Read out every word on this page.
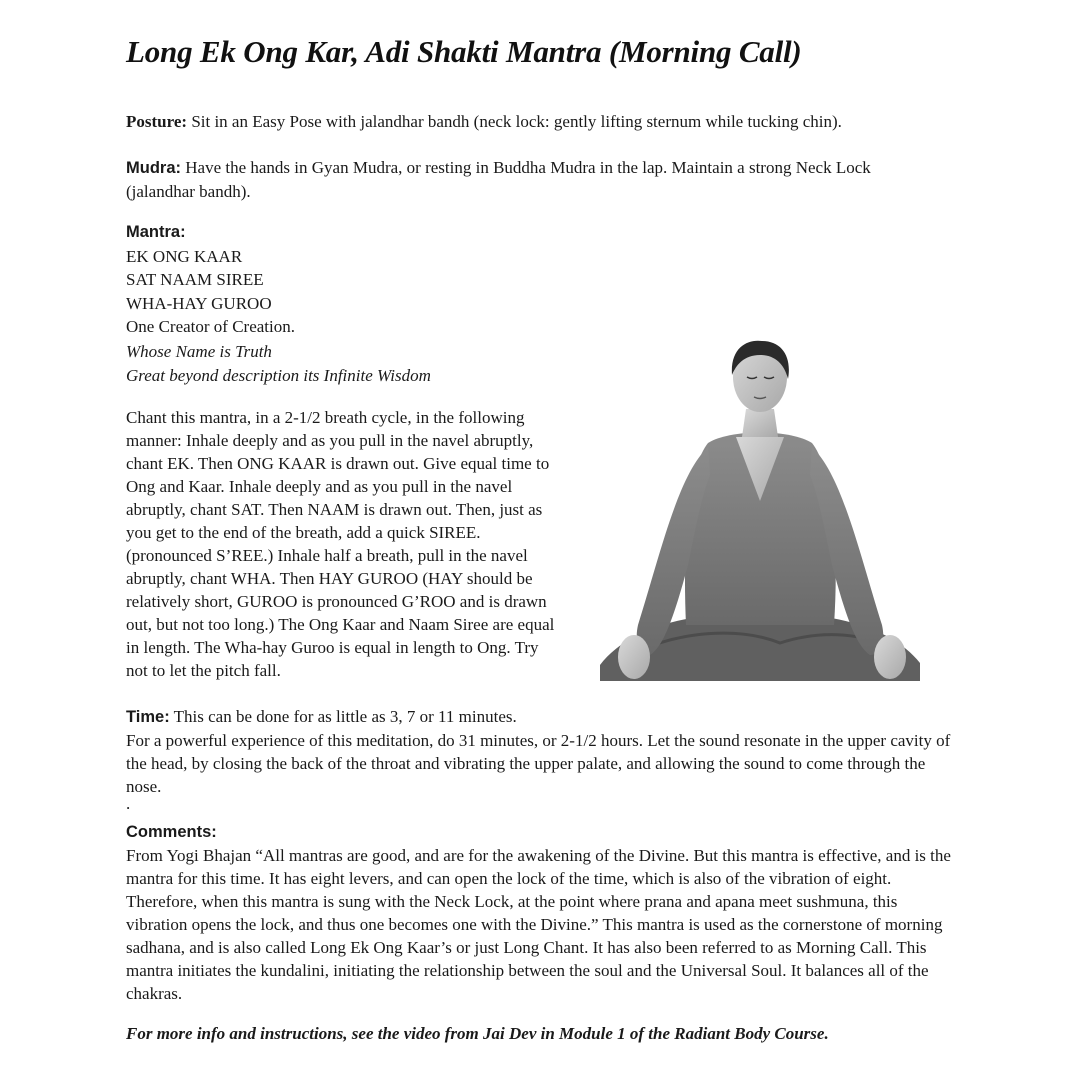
Long Ek Ong Kar, Adi Shakti Mantra (Morning Call)

Posture: Sit in an Easy Pose with jalandhar bandh (neck lock: gently lifting sternum while tucking chin).

Mudra: Have the hands in Gyan Mudra, or resting in Buddha Mudra in the lap. Maintain a strong Neck Lock (jalandhar bandh).

Mantra:
EK ONG KAAR
SAT NAAM SIREE
WHA-HAY GUROO
One Creator of Creation.
Whose Name is Truth
Great beyond description its Infinite Wisdom

Chant this mantra, in a 2-1/2 breath cycle, in the following manner: Inhale deeply and as you pull in the navel abruptly, chant EK. Then ONG KAAR is drawn out. Give equal time to Ong and Kaar. Inhale deeply and as you pull in the navel abruptly, chant SAT. Then NAAM is drawn out. Then, just as you get to the end of the breath, add a quick SIREE. (pronounced S’REE.) Inhale half a breath, pull in the navel abruptly, chant WHA. Then HAY GUROO (HAY should be relatively short, GUROO is pronounced G’ROO and is drawn out, but not too long.) The Ong Kaar and Naam Siree are equal in length. The Wha-hay Guroo is equal in length to Ong. Try not to let the pitch fall.

Time: This can be done for as little as 3, 7 or 11 minutes.
For a powerful experience of this meditation, do 31 minutes, or 2-1/2 hours. Let the sound resonate in the upper cavity of the head, by closing the back of the throat and vibrating the upper palate, and allowing the sound to come through the nose.

.

Comments:
From Yogi Bhajan “All mantras are good, and are for the awakening of the Divine. But this mantra is effective, and is the mantra for this time. It has eight levers, and can open the lock of the time, which is also of the vibration of eight. Therefore, when this mantra is sung with the Neck Lock, at the point where prana and apana meet sushmuna, this vibration opens the lock, and thus one becomes one with the Divine.” This mantra is used as the cornerstone of morning sadhana, and is also called Long Ek Ong Kaar’s or just Long Chant. It has also been referred to as Morning Call. This mantra initiates the kundalini, initiating the relationship between the soul and the Universal Soul. It balances all of the chakras.

For more info and instructions, see the video from Jai Dev in Module 1 of the Radiant Body Course.
